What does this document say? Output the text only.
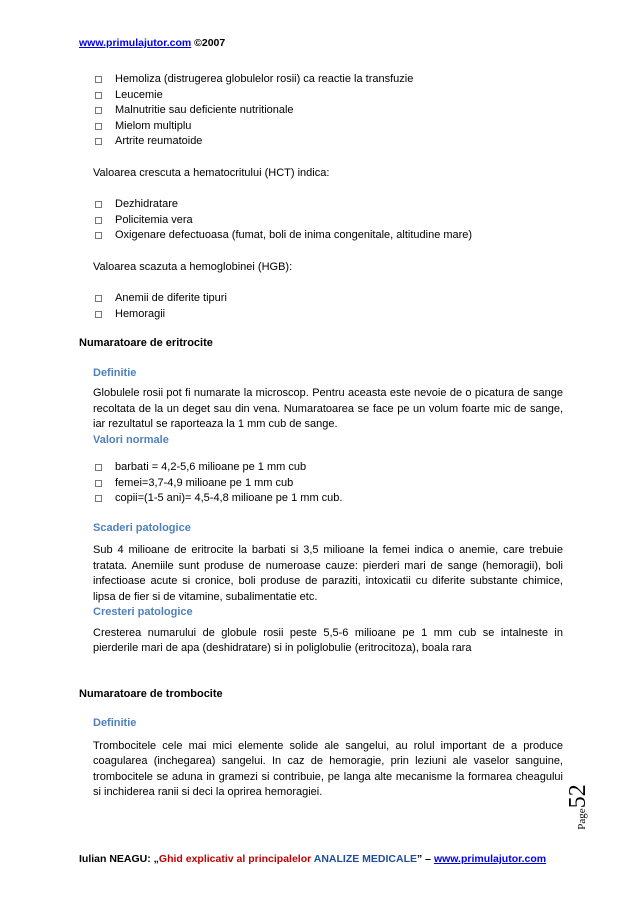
www.primulajutor.com ©2007
Hemoliza (distrugerea globulelor rosii) ca reactie la transfuzie
Leucemie
Malnutritie sau deficiente nutritionale
Mielom multiplu
Artrite reumatoide
Valoarea crescuta a hematocritului (HCT) indica:
Dezhidratare
Policitemia vera
Oxigenare defectuoasa (fumat, boli de inima congenitale, altitudine mare)
Valoarea scazuta a hemoglobinei (HGB):
Anemii de diferite tipuri
Hemoragii
Numaratoare de eritrocite
Definitie
Globulele rosii pot fi numarate la microscop. Pentru aceasta este nevoie de o picatura de sange recoltata de la un deget sau din vena. Numaratoarea se face pe un volum foarte mic de sange, iar rezultatul se raporteaza la 1 mm cub de sange.
Valori normale
barbati = 4,2-5,6 milioane pe 1 mm cub
femei=3,7-4,9 milioane pe 1 mm cub
copii=(1-5 ani)= 4,5-4,8 milioane pe 1 mm cub.
Scaderi patologice
Sub 4 milioane de eritrocite la barbati si 3,5 milioane la femei indica o anemie, care trebuie tratata. Anemiile sunt produse de numeroase cauze: pierderi mari de sange (hemoragii), boli infectioase acute si cronice, boli produse de paraziti, intoxicatii cu diferite substante chimice, lipsa de fier si de vitamine, subalimentatie etc.
Cresteri patologice
Cresterea numarului de globule rosii peste 5,5-6 milioane pe 1 mm cub se intalneste in pierderile mari de apa (deshidratare) si in poliglobulie (eritrocitoza), boala rara
Numaratoare de trombocite
Definitie
Trombocitele cele mai mici elemente solide ale sangelui, au rolul important de a produce coagularea (inchegarea) sangelui. In caz de hemoragie, prin leziuni ale vaselor sanguine, trombocitele se aduna in gramezi si contribuie, pe langa alte mecanisme la formarea cheagului si inchiderea ranii si deci la oprirea hemoragiei.
Page
52
Iulian NEAGU: „Ghid explicativ al principalelor ANALIZE MEDICALE” – www.primulajutor.com
